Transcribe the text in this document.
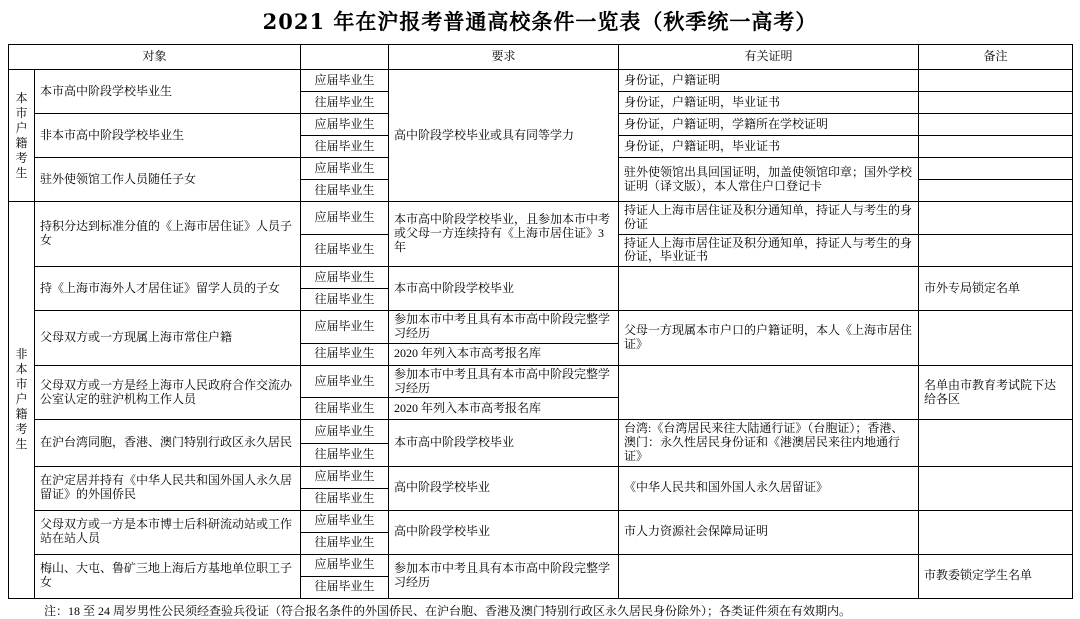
2021 年在沪报考普通高校条件一览表（秋季统一高考）
对象			要求	有关证明	备注

本市户籍考生	本市高中阶段学校毕业生	应届毕业生	高中阶段学校毕业或具有同等学力	身份证，户籍证明	
		往届毕业生		身份证，户籍证明，毕业证书	
	非本市高中阶段学校毕业生	应届毕业生		身份证，户籍证明，学籍所在学校证明	
		往届毕业生		身份证，户籍证明，毕业证书	
	驻外使领馆工作人员随任子女	应届毕业生		驻外使领馆出具回国证明，加盖使领馆印章；国外学校证明（译文版），本人常住户口登记卡	
		往届毕业生			

非本市户籍考生	持积分达到标准分值的《上海市居住证》人员子女	应届毕业生	本市高中阶段学校毕业，且参加本市中考或父母一方连续持有《上海市居住证》3 年	持证人上海市居住证及积分通知单，持证人与考生的身份证	
		往届毕业生		持证人上海市居住证及积分通知单，持证人与考生的身份证，毕业证书	
	持《上海市海外人才居住证》留学人员的子女	应届毕业生	本市高中阶段学校毕业		市外专局锁定名单
		往届毕业生			
	父母双方或一方现属上海市常住户籍	应届毕业生	参加本市中考且具有本市高中阶段完整学习经历	父母一方现属本市户口的户籍证明，本人《上海市居住证》	
		往届毕业生	2020 年列入本市高考报名库		
	父母双方或一方是经上海市人民政府合作交流办公室认定的驻沪机构工作人员	应届毕业生	参加本市中考且具有本市高中阶段完整学习经历		名单由市教育考试院下达给各区
		往届毕业生	2020 年列入本市高考报名库		
	在沪台湾同胞，香港、澳门特别行政区永久居民	应届毕业生	本市高中阶段学校毕业	台湾:《台湾居民来往大陆通行证》（台胞证）；香港、澳门：永久性居民身份证和《港澳居民来往内地通行证》	
		往届毕业生			
	在沪定居并持有《中华人民共和国外国人永久居留证》的外国侨民	应届毕业生	高中阶段学校毕业	《中华人民共和国外国人永久居留证》	
		往届毕业生			
	父母双方或一方是本市博士后科研流动站或工作站在站人员	应届毕业生	高中阶段学校毕业	市人力资源社会保障局证明	
		往届毕业生			
	梅山、大屯、鲁矿三地上海后方基地单位职工子女	应届毕业生	参加本市中考且具有本市高中阶段完整学习经历		市教委锁定学生名单
		往届毕业生			
注：18 至 24 周岁男性公民须经查验兵役证（符合报名条件的外国侨民、在沪台胞、香港及澳门特别行政区永久居民身份除外）；各类证件须在有效期内。
